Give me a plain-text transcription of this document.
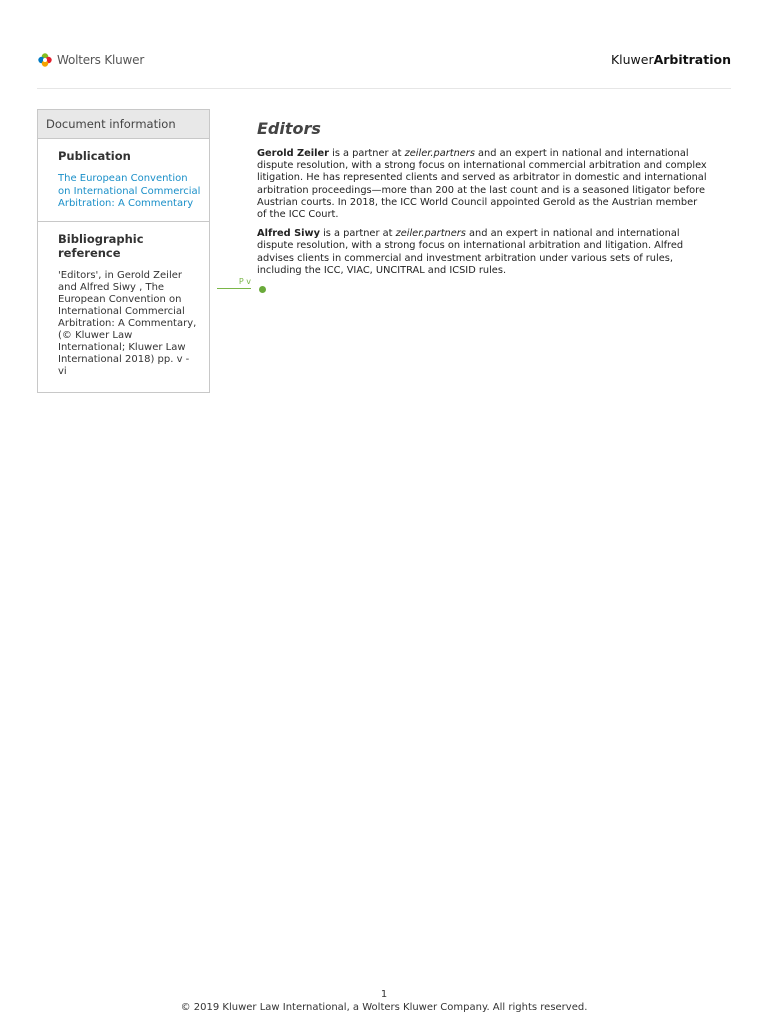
Wolters Kluwer	KluwerArbitration
Document information
Publication
The European Convention on International Commercial Arbitration: A Commentary
Bibliographic reference
'Editors', in Gerold Zeiler and Alfred Siwy , The European Convention on International Commercial Arbitration: A Commentary, (© Kluwer Law International; Kluwer Law International 2018) pp. v - vi
P v
Editors

Gerold Zeiler is a partner at zeiler.partners and an expert in national and international dispute resolution, with a strong focus on international commercial arbitration and complex litigation. He has represented clients and served as arbitrator in domestic and international arbitration proceedings—more than 200 at the last count and is a seasoned litigator before Austrian courts. In 2018, the ICC World Council appointed Gerold as the Austrian member of the ICC Court.

Alfred Siwy is a partner at zeiler.partners and an expert in national and international dispute resolution, with a strong focus on international arbitration and litigation. Alfred advises clients in commercial and investment arbitration under various sets of rules, including the ICC, VIAC, UNCITRAL and ICSID rules.

1
© 2019 Kluwer Law International, a Wolters Kluwer Company. All rights reserved.
